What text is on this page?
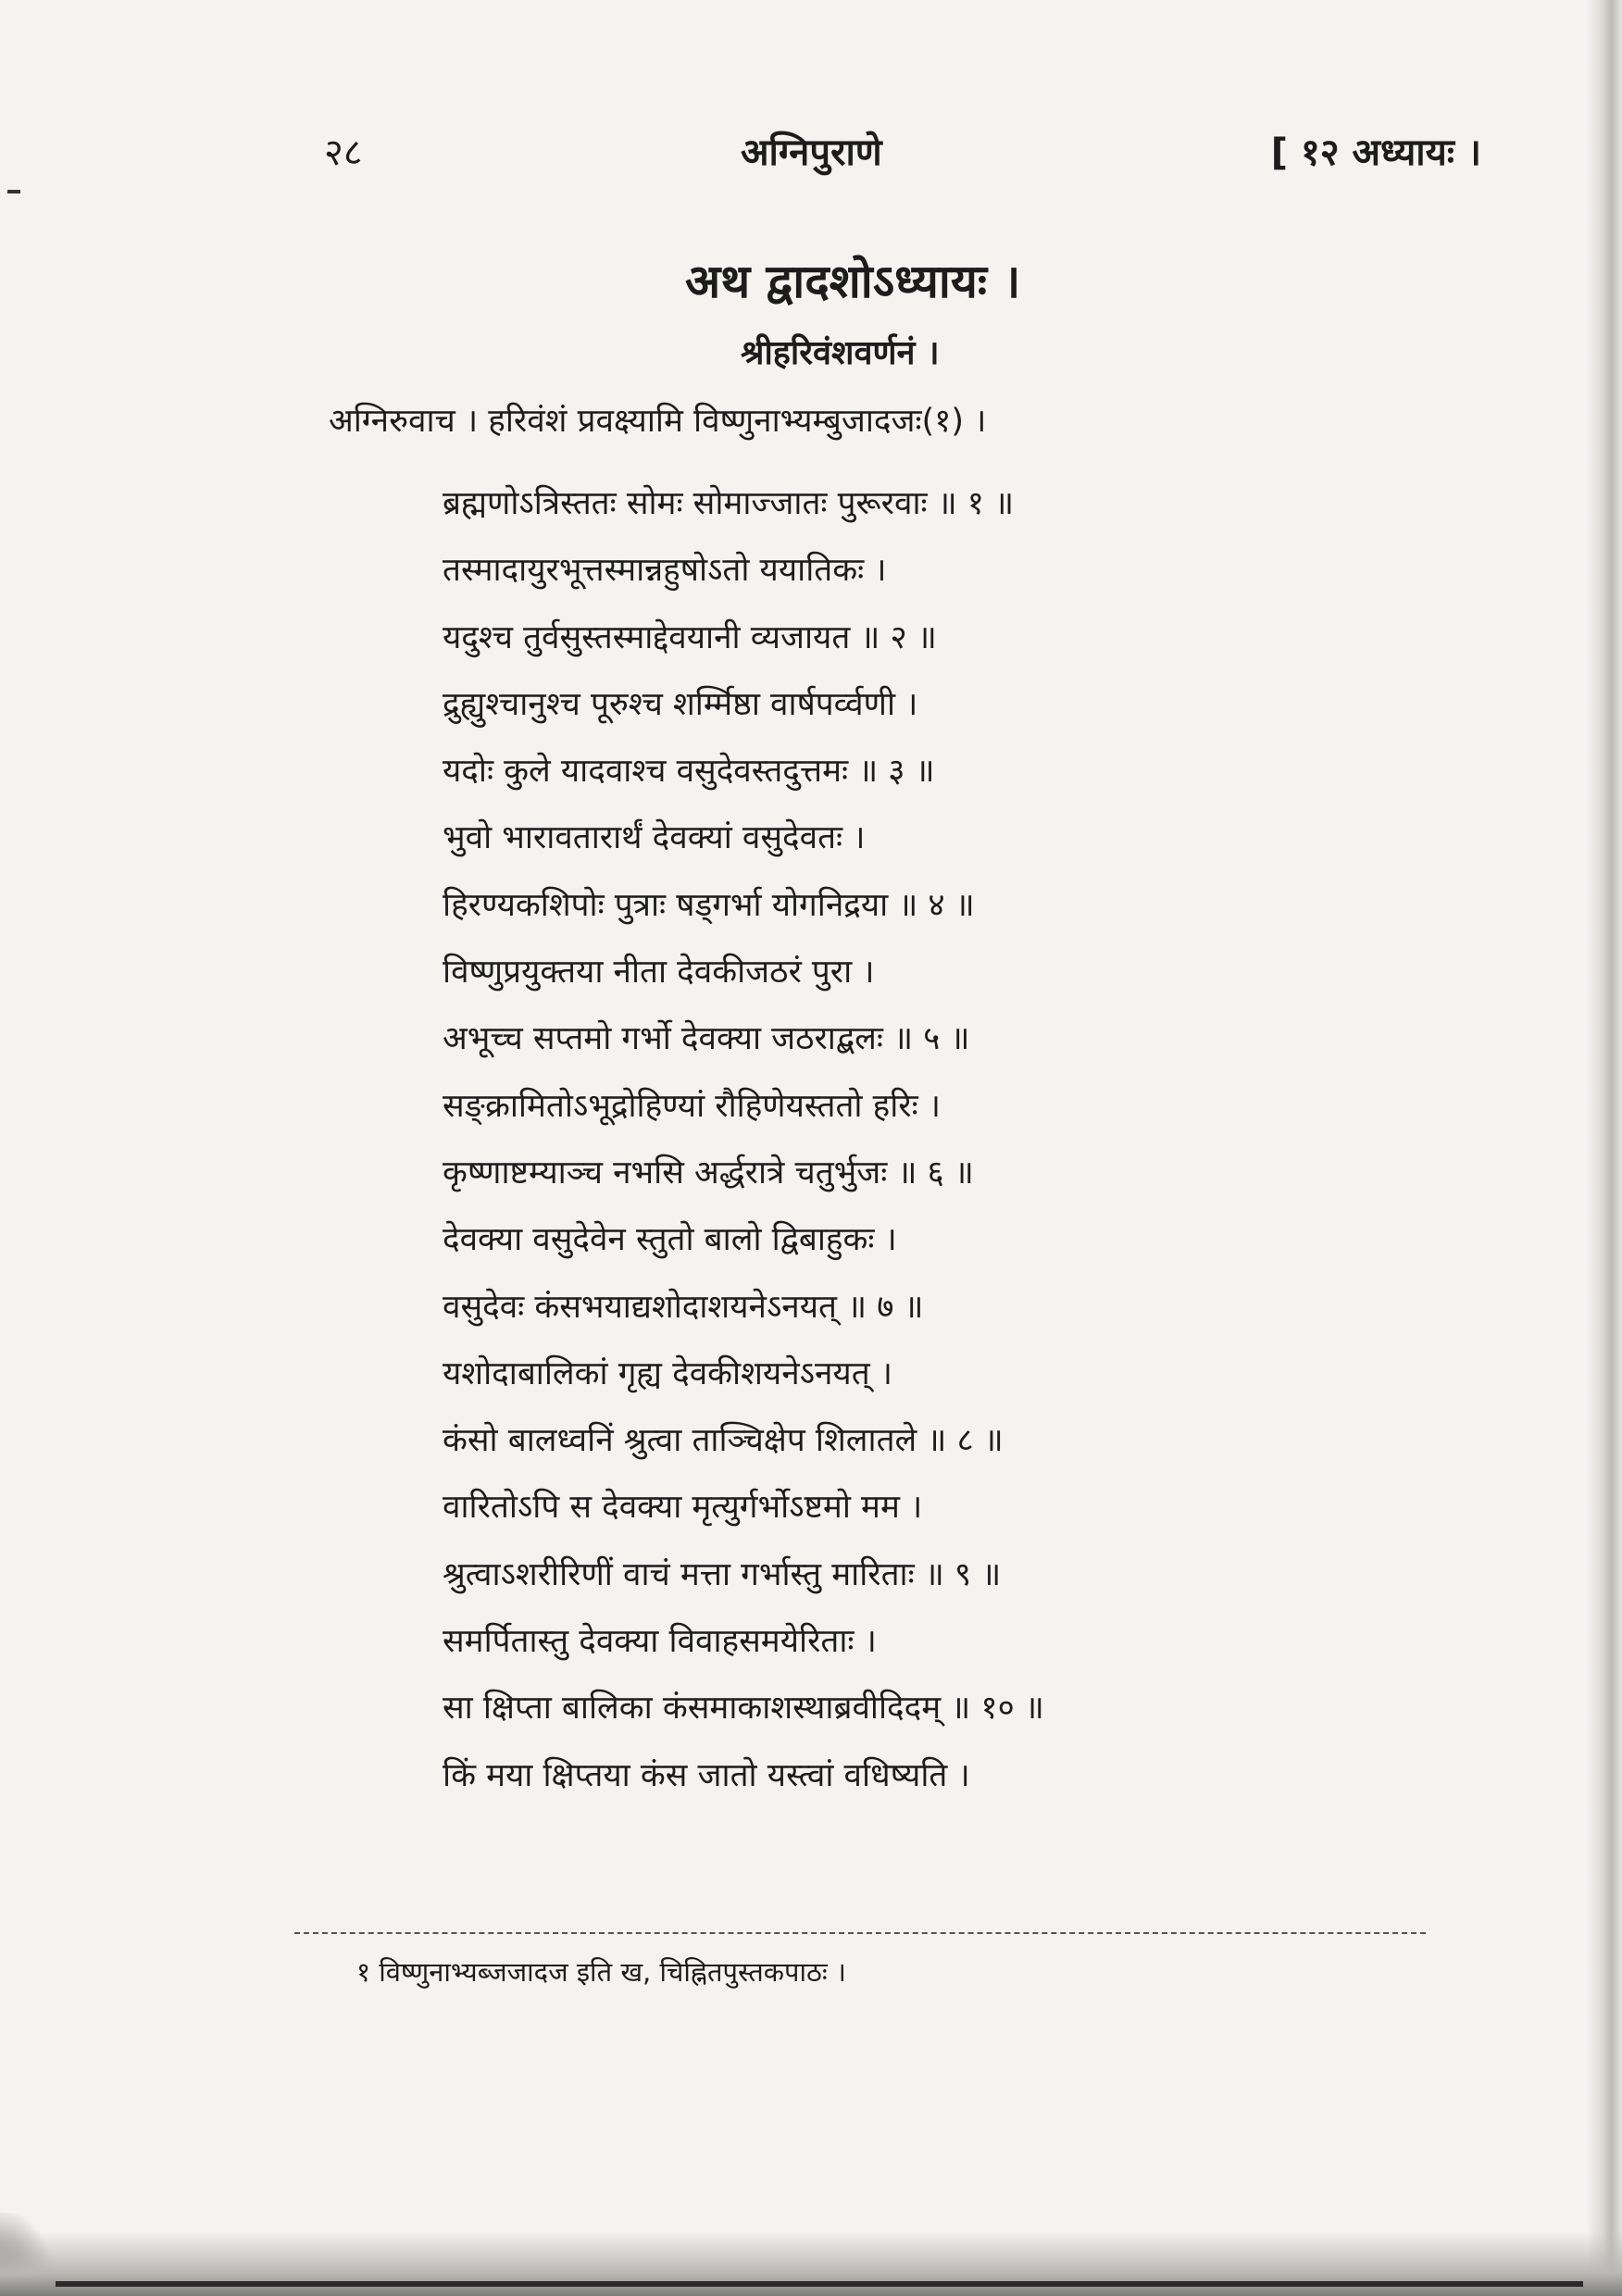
२८	अग्निपुराणे	[ १२ अध्यायः ।
अथ द्वादशोऽध्यायः ।
श्रीहरिवंशवर्णनं ।
अग्निरुवाच । हरिवंशं प्रवक्ष्यामि विष्णुनाभ्यम्बुजादजः(१) ।
ब्रह्मणोऽत्रिस्ततः सोमः सोमाज्जातः पुरूरवाः ॥ १ ॥
तस्मादायुरभूत्तस्मान्नहुषोऽतो ययातिकः ।
यदुश्च तुर्वसुस्तस्माद्देवयानी व्यजायत ॥ २ ॥
द्रुह्युश्चानुश्च पूरुश्च शर्म्मिष्ठा वार्षपर्व्वणी ।
यदोः कुले यादवाश्च वसुदेवस्तदुत्तमः ॥ ३ ॥
भुवो भारावतारार्थं देवक्यां वसुदेवतः ।
हिरण्यकशिपोः पुत्राः षड्गर्भा योगनिद्रया ॥ ४ ॥
विष्णुप्रयुक्तया नीता देवकीजठरं पुरा ।
अभूच्च सप्तमो गर्भो देवक्या जठराद्बलः ॥ ५ ॥
सङ्क्रामितोऽभूद्रोहिण्यां रौहिणेयस्ततो हरिः ।
कृष्णाष्टम्याञ्च नभसि अर्द्धरात्रे चतुर्भुजः ॥ ६ ॥
देवक्या वसुदेवेन स्तुतो बालो द्विबाहुकः ।
वसुदेवः कंसभयाद्यशोदाशयनेऽनयत् ॥ ७ ॥
यशोदाबालिकां गृह्य देवकीशयनेऽनयत् ।
कंसो बालध्वनिं श्रुत्वा ताञ्चिक्षेप शिलातले ॥ ८ ॥
वारितोऽपि स देवक्या मृत्युर्गर्भोऽष्टमो मम ।
श्रुत्वाऽशरीरिणीं वाचं मत्ता गर्भास्तु मारिताः ॥ ९ ॥
समर्पितास्तु देवक्या विवाहसमयेरिताः ।
सा क्षिप्ता बालिका कंसमाकाशस्थाब्रवीदिदम् ॥ १० ॥
किं मया क्षिप्तया कंस जातो यस्त्वां वधिष्यति ।
१ विष्णुनाभ्यब्जजादज इति ख, चिह्नितपुस्तकपाठः ।
